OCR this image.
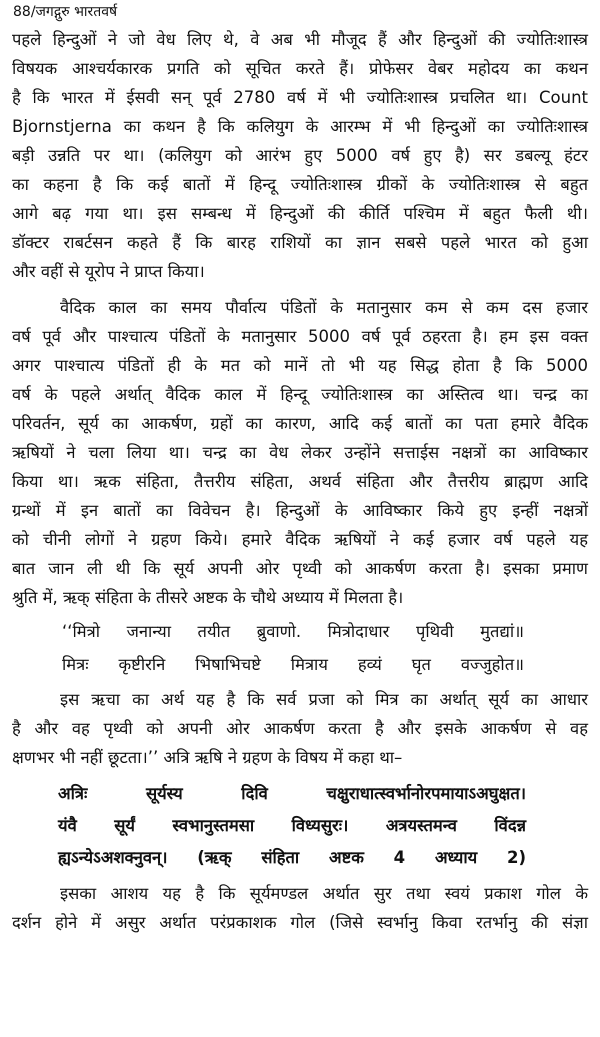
88/जगद्गुरु भारतवर्ष
पहले हिन्दुओं ने जो वेध लिए थे, वे अब भी मौजूद हैं और हिन्दुओं की ज्योतिःशास्त्र
विषयक आश्चर्यकारक प्रगति को सूचित करते हैं। प्रोफेसर वेबर महोदय का कथन
है कि भारत में ईसवी सन् पूर्व 2780 वर्ष में भी ज्योतिःशास्त्र प्रचलित था। Count
Bjornstjerna का कथन है कि कलियुग के आरम्भ में भी हिन्दुओं का ज्योतिःशास्त्र
बड़ी उन्नति पर था। (कलियुग को आरंभ हुए 5000 वर्ष हुए है) सर डबल्यू हंटर
का कहना है कि कई बातों में हिन्दू ज्योतिःशास्त्र ग्रीकों के ज्योतिःशास्त्र से बहुत
आगे बढ़ गया था। इस सम्बन्ध में हिन्दुओं की कीर्ति पश्चिम में बहुत फैली थी।
डॉक्टर राबर्टसन कहते हैं कि बारह राशियों का ज्ञान सबसे पहले भारत को हुआ
और वहीं से यूरोप ने प्राप्त किया।
वैदिक काल का समय पौर्वात्य पंडितों के मतानुसार कम से कम दस हजार
वर्ष पूर्व और पाश्चात्य पंडितों के मतानुसार 5000 वर्ष पूर्व ठहरता है। हम इस वक्त
अगर पाश्चात्य पंडितों ही के मत को मानें तो भी यह सिद्ध होता है कि 5000
वर्ष के पहले अर्थात् वैदिक काल में हिन्दू ज्योतिःशास्त्र का अस्तित्व था। चन्द्र का
परिवर्तन, सूर्य का आकर्षण, ग्रहों का कारण, आदि कई बातों का पता हमारे वैदिक
ऋषियों ने चला लिया था। चन्द्र का वेध लेकर उन्होंने सत्ताईस नक्षत्रों का आविष्कार
किया था। ऋक संहिता, तैत्तरीय संहिता, अथर्व संहिता और तैत्तरीय ब्राह्मण आदि
ग्रन्थों में इन बातों का विवेचन है। हिन्दुओं के आविष्कार किये हुए इन्हीं नक्षत्रों
को चीनी लोगों ने ग्रहण किये। हमारे वैदिक ऋषियों ने कई हजार वर्ष पहले यह
बात जान ली थी कि सूर्य अपनी ओर पृथ्वी को आकर्षण करता है। इसका प्रमाण
श्रुति में, ऋक् संहिता के तीसरे अष्टक के चौथे अध्याय में मिलता है।
‘‘मित्रो जनान्या तयीत ब्रुवाणो. मित्रोदाधार पृथिवी मुतद्यां॥
मित्रः कृष्टीरनि भिषाभिचष्टे मित्राय हव्यं घृत वज्जुहोत॥
इस ऋचा का अर्थ यह है कि सर्व प्रजा को मित्र का अर्थात् सूर्य का आधार
है और वह पृथ्वी को अपनी ओर आकर्षण करता है और इसके आकर्षण से वह
क्षणभर भी नहीं छूटता।’’ अत्रि ऋषि ने ग्रहण के विषय में कहा था–
अत्रिः सूर्यस्य दिवि चक्षुराधात्स्वर्भानोरपमायाऽअघुक्षत।
यंवै सूर्यं स्वभानुस्तमसा विध्यसुरः। अत्रयस्तमन्व विंदन्न
ह्यऽन्येऽअशक्नुवन्। (ऋक् संहिता अष्टक 4 अध्याय 2)
इसका आशय यह है कि सूर्यमण्डल अर्थात सुर तथा स्वयं प्रकाश गोल के
दर्शन होने में असुर अर्थात परंप्रकाशक गोल (जिसे स्वर्भानु किवा रतर्भानु की संज्ञा
